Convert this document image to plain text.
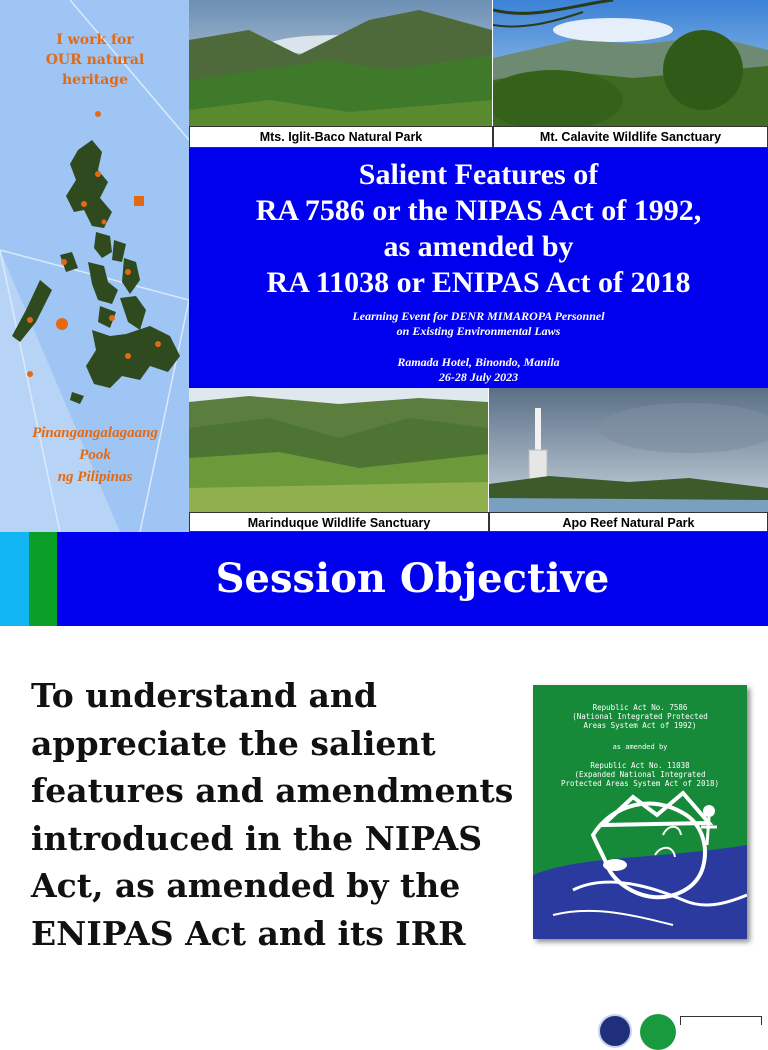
I work for
OUR natural
heritage
Pinangangalagaang
Pook
ng Pilipinas
Mts. Iglit-Baco Natural Park	Mt. Calavite Wildlife Sanctuary
Salient Features of
RA 7586 or the NIPAS Act of 1992,
as amended by
RA 11038 or ENIPAS Act of 2018
Learning Event for DENR MIMAROPA Personnel
on Existing Environmental Laws
Ramada Hotel, Binondo, Manila
26-28 July 2023
Marinduque Wildlife Sanctuary	Apo Reef Natural Park
Session Objective
To understand and appreciate the salient features and amendments introduced in the NIPAS Act, as amended by the ENIPAS Act and its IRR
Republic Act No. 7586
(National Integrated Protected
Areas System Act of 1992)
as amended by
Republic Act No. 11038
(Expanded National Integrated
Protected Areas System Act of 2018)
